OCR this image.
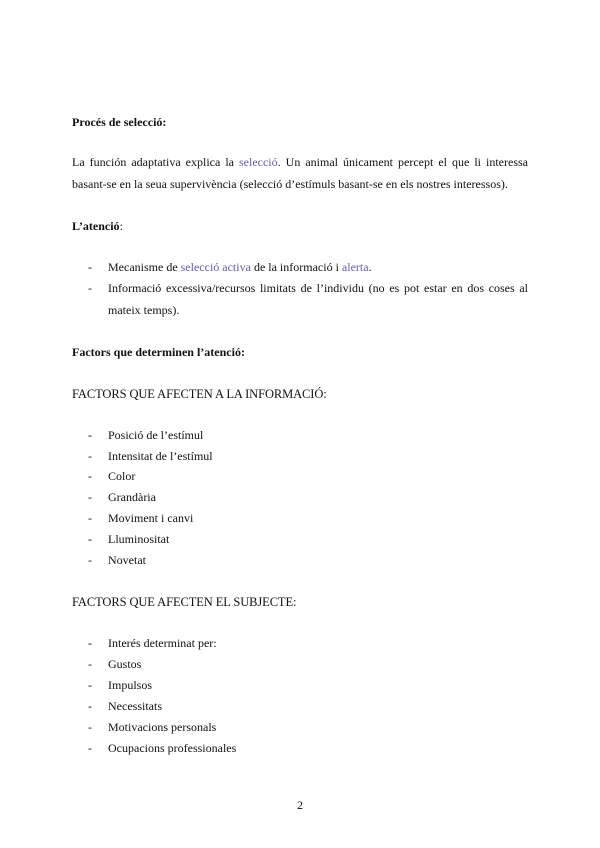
Procés de selecció:
La función adaptativa explica la selecció. Un animal únicament percept el que li interessa basant-se en la seua supervivència (selecció d’estímuls basant-se en els nostres interessos).
L’atenció:
- Mecanisme de selecció activa de la informació i alerta.
- Informació excessiva/recursos limitats de l’individu (no es pot estar en dos coses al mateix temps).
Factors que determinen l’atenció:
FACTORS QUE AFECTEN A LA INFORMACIÓ:
- Posició de l’estímul
- Intensitat de l’estímul
- Color
- Grandària
- Moviment i canvi
- Lluminositat
- Novetat
FACTORS QUE AFECTEN EL SUBJECTE:
- Interés determinat per:
- Gustos
- Impulsos
- Necessitats
- Motivacions personals
- Ocupacions professionales
2
